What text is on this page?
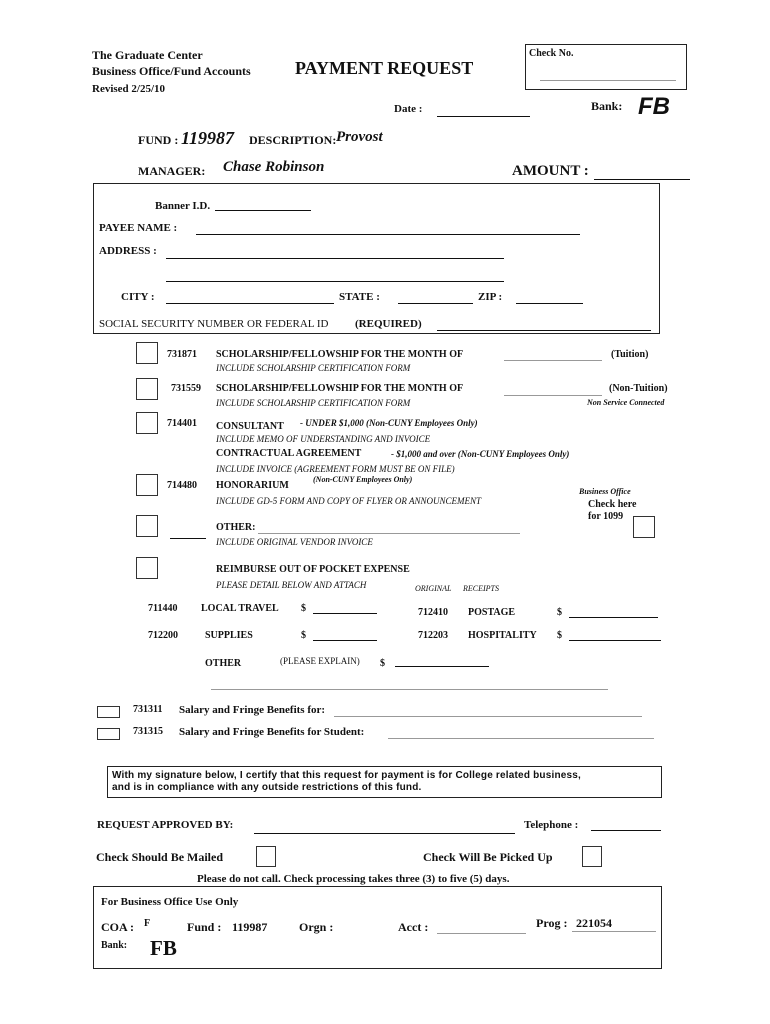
The Graduate Center
Business Office/Fund Accounts
Revised 2/25/10
PAYMENT REQUEST
Check No.
Date :	Bank: FB
FUND : 119987 DESCRIPTION: Provost
MANAGER: Chase Robinson	AMOUNT :
Banner I.D.
PAYEE NAME :
ADDRESS :
CITY :	STATE :	ZIP :
SOCIAL SECURITY NUMBER OR FEDERAL ID (REQUIRED)
731871 SCHOLARSHIP/FELLOWSHIP FOR THE MONTH OF	(Tuition)
INCLUDE SCHOLARSHIP CERTIFICATION FORM
731559 SCHOLARSHIP/FELLOWSHIP FOR THE MONTH OF	(Non-Tuition)
INCLUDE SCHOLARSHIP CERTIFICATION FORM	Non Service Connected
714401 CONSULTANT - UNDER $1,000 (Non-CUNY Employees Only)
INCLUDE MEMO OF UNDERSTANDING AND INVOICE
CONTRACTUAL AGREEMENT	- $1,000 and over (Non-CUNY Employees Only)
INCLUDE INVOICE (AGREEMENT FORM MUST BE ON FILE)
714480 HONORARIUM
(Non-CUNY Employees Only)
INCLUDE GD-5 FORM AND COPY OF FLYER OR ANNOUNCEMENT
Business Office
Check here
for 1099
OTHER:
INCLUDE ORIGINAL VENDOR INVOICE
REIMBURSE OUT OF POCKET EXPENSE
PLEASE DETAIL BELOW AND ATTACH	ORIGINAL RECEIPTS
711440 LOCAL TRAVEL $	712410 POSTAGE	$
712200	SUPPLIES	$	712203 HOSPITALITY $
OTHER	(PLEASE EXPLAIN) $
731311 Salary and Fringe Benefits for:
731315 Salary and Fringe Benefits for Student:
With my signature below, I certify that this request for payment is for College related business,
and is in compliance with any outside restrictions of this fund.
REQUEST APPROVED BY:	Telephone :
Check Should Be Mailed	Check Will Be Picked Up
Please do not call. Check processing takes three (3) to five (5) days.
For Business Office Use Only
COA : F	Fund : 119987	Orgn :	Acct :	Prog : 221054
Bank: FB
